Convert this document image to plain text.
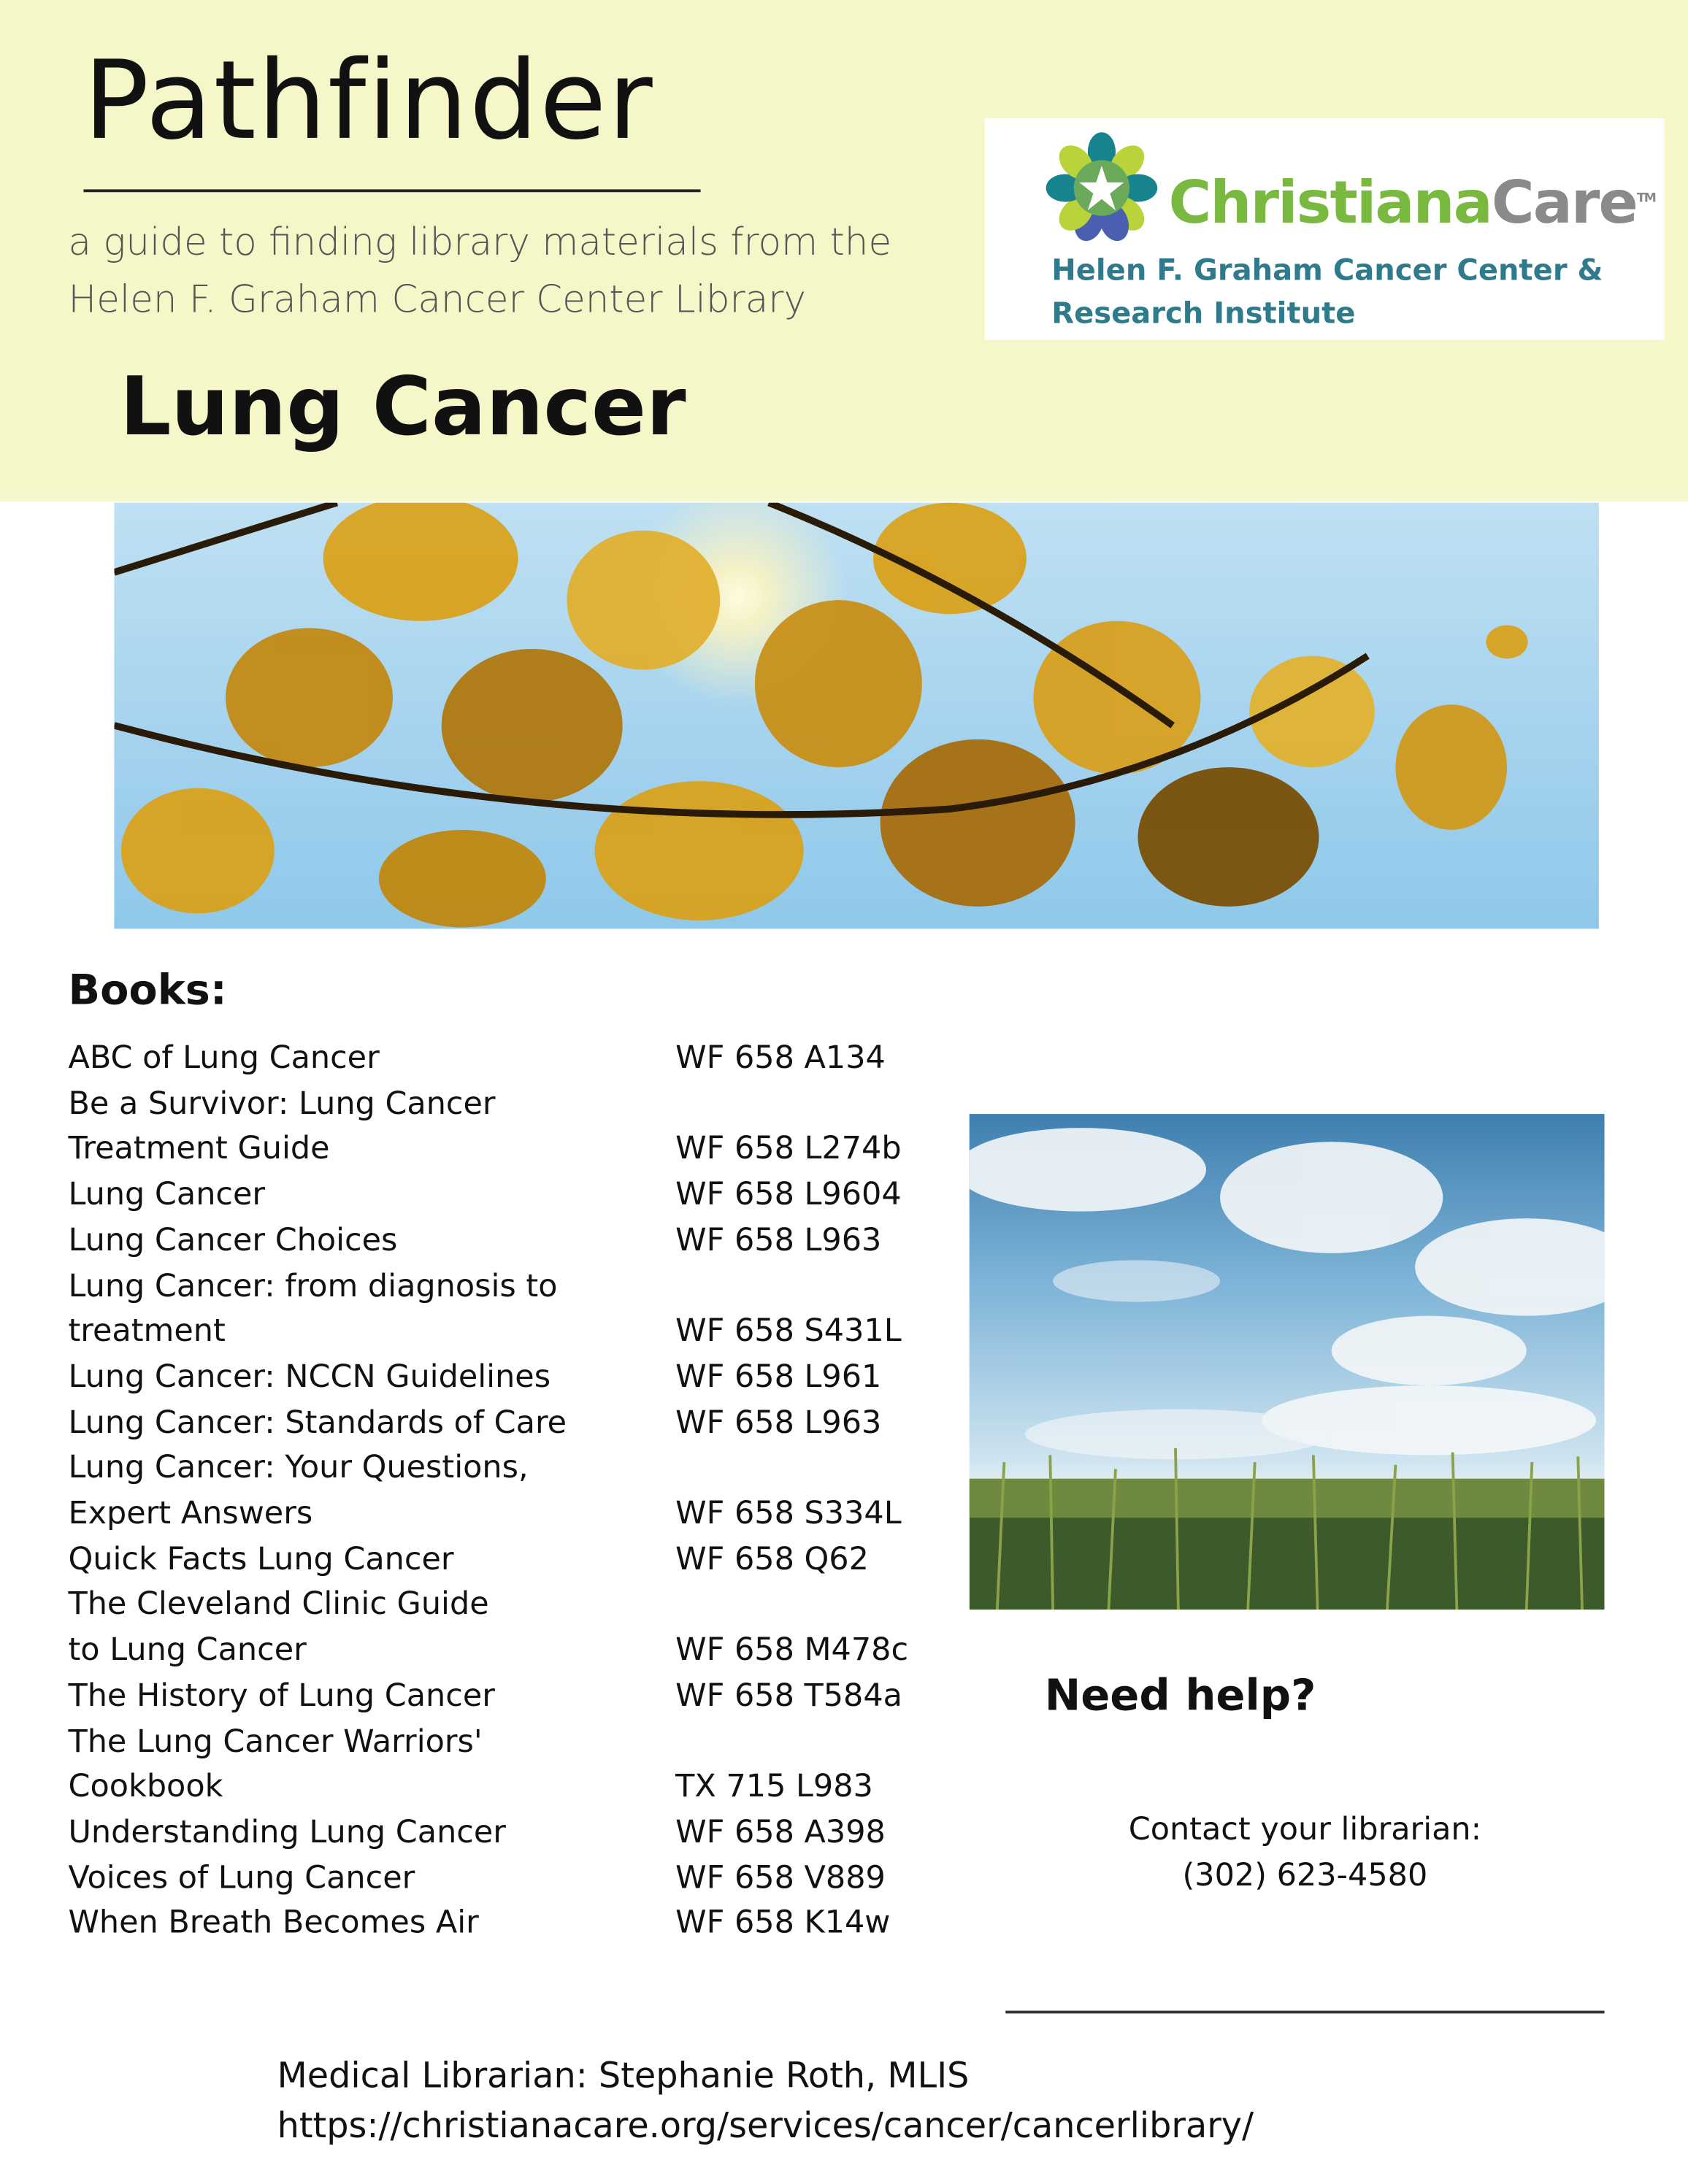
Pathfinder
a guide to finding library materials from the
Helen F. Graham Cancer Center Library
Lung Cancer
ChristianaCare™
Helen F. Graham Cancer Center &
Research Institute
Books:
ABC of Lung Cancer	WF 658 A134
Be a Survivor: Lung Cancer
Treatment Guide	WF 658 L274b
Lung Cancer	WF 658 L9604
Lung Cancer Choices	WF 658 L963
Lung Cancer: from diagnosis to
treatment	WF 658 S431L
Lung Cancer: NCCN Guidelines	WF 658 L961
Lung Cancer: Standards of Care	WF 658 L963
Lung Cancer: Your Questions,
Expert Answers	WF 658 S334L
Quick Facts Lung Cancer	WF 658 Q62
The Cleveland Clinic Guide
to Lung Cancer	WF 658 M478c
The History of Lung Cancer	WF 658 T584a
The Lung Cancer Warriors'
Cookbook	TX 715 L983
Understanding Lung Cancer	WF 658 A398
Voices of Lung Cancer	WF 658 V889
When Breath Becomes Air	WF 658 K14w
Need help?
Contact your librarian:
(302) 623-4580
Medical Librarian: Stephanie Roth, MLIS
https://christianacare.org/services/cancer/cancerlibrary/
